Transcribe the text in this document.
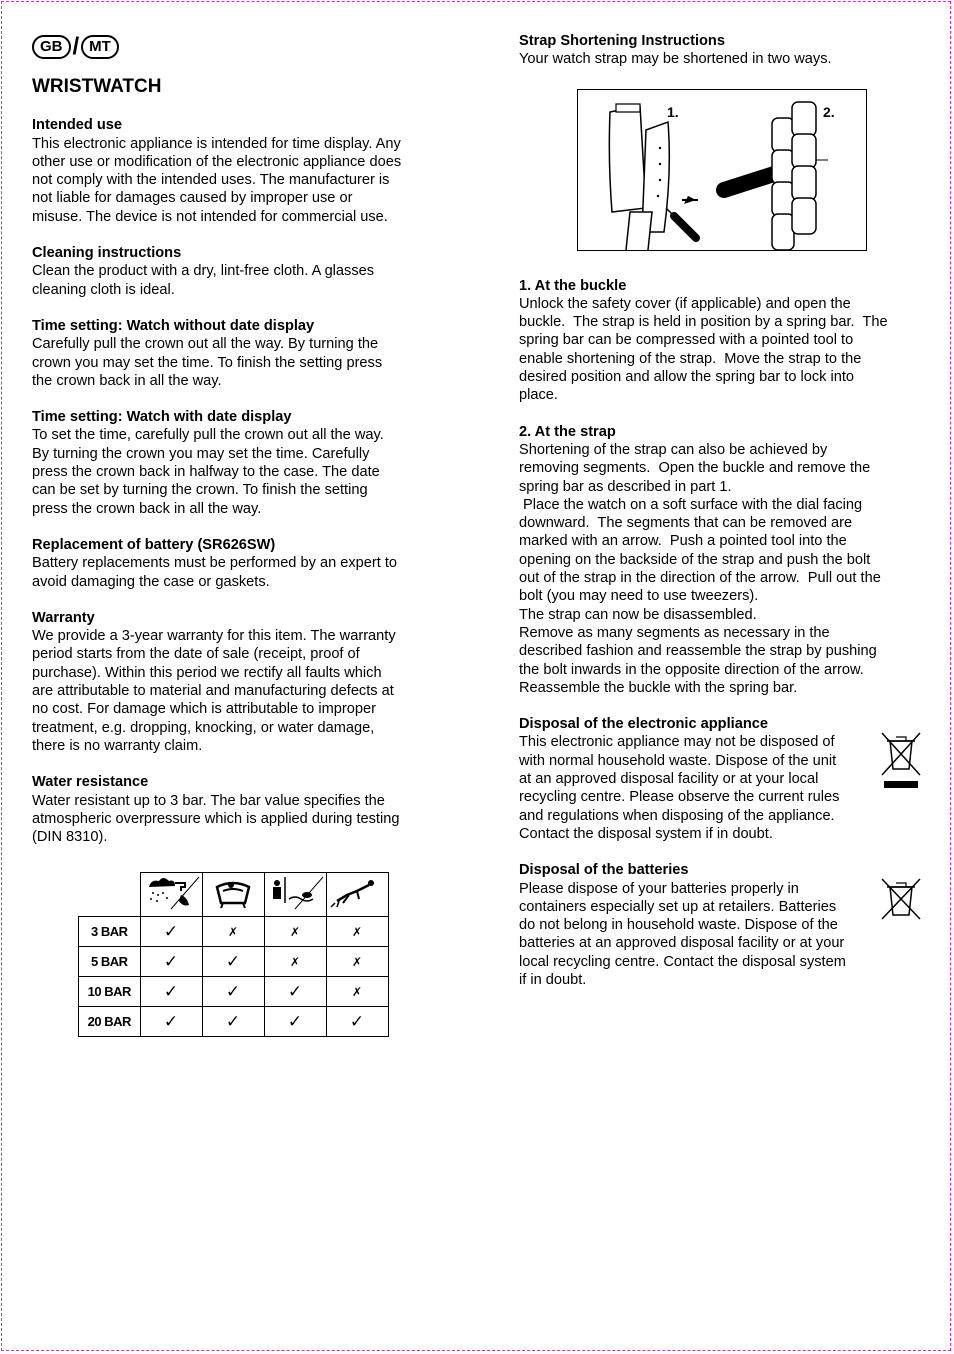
GB / MT
WRISTWATCH
Intended use

This electronic appliance is intended for time display. Any
other use or modification of the electronic appliance does
not comply with the intended uses. The manufacturer is
not liable for damages caused by improper use or
misuse. The device is not intended for commercial use.

Cleaning instructions

Clean the product with a dry, lint-free cloth. A glasses
cleaning cloth is ideal.

Time setting: Watch without date display

Carefully pull the crown out all the way. By turning the
crown you may set the time. To finish the setting press
the crown back in all the way.

Time setting: Watch with date display

To set the time, carefully pull the crown out all the way.
By turning the crown you may set the time. Carefully
press the crown back in halfway to the case. The date
can be set by turning the crown. To finish the setting
press the crown back in all the way.

Replacement of battery (SR626SW)

Battery replacements must be performed by an expert to
avoid damaging the case or gaskets.

Warranty

We provide a 3-year warranty for this item. The warranty
period starts from the date of sale (receipt, proof of
purchase). Within this period we rectify all faults which
are attributable to material and manufacturing defects at
no cost. For damage which is attributable to improper
treatment, e.g. dropping, knocking, or water damage,
there is no warranty claim.

Water resistance

Water resistant up to 3 bar. The bar value specifies the
atmospheric overpressure which is applied during testing
(DIN 8310).

3 BAR	✓	✗	✗	✗
5 BAR	✓	✓	✗	✗
10 BAR	✓	✓	✓	✗
20 BAR	✓	✓	✓	✓
Strap Shortening Instructions

Your watch strap may be shortened in two ways.

1. At the buckle

Unlock the safety cover (if applicable) and open the
buckle.  The strap is held in position by a spring bar.  The
spring bar can be compressed with a pointed tool to
enable shortening of the strap.  Move the strap to the
desired position and allow the spring bar to lock into
place.

2. At the strap

Shortening of the strap can also be achieved by
removing segments.  Open the buckle and remove the
spring bar as described in part 1.
Place the watch on a soft surface with the dial facing
downward.  The segments that can be removed are
marked with an arrow.  Push a pointed tool into the
opening on the backside of the strap and push the bolt
out of the strap in the direction of the arrow.  Pull out the
bolt (you may need to use tweezers).
The strap can now be disassembled.
Remove as many segments as necessary in the
described fashion and reassemble the strap by pushing
the bolt inwards in the opposite direction of the arrow.
Reassemble the buckle with the spring bar.

Disposal of the electronic appliance

This electronic appliance may not be disposed of
with normal household waste. Dispose of the unit
at an approved disposal facility or at your local
recycling centre. Please observe the current rules
and regulations when disposing of the appliance.
Contact the disposal system if in doubt.

Disposal of the batteries

Please dispose of your batteries properly in
containers especially set up at retailers. Batteries
do not belong in household waste. Dispose of the
batteries at an approved disposal facility or at your
local recycling centre. Contact the disposal system
if in doubt.

1.	2.
